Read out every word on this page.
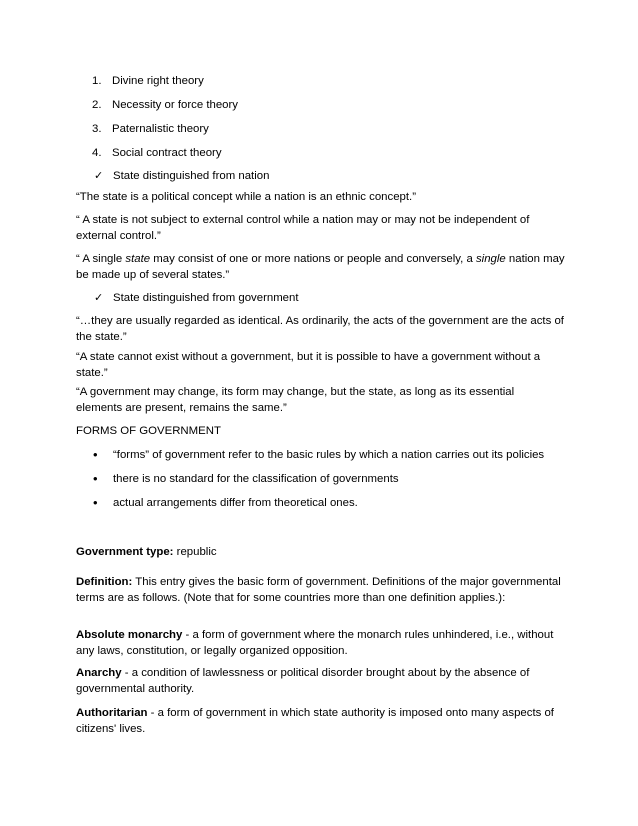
1. Divine right theory
2. Necessity or force theory
3. Paternalistic theory
4. Social contract theory
✓ State distinguished from nation

“The state is a political concept while a nation is an ethnic concept.”

“ A state is not subject to external control while a nation may or may not be independent of external control.”

“ A single state may consist of one or more nations or people and conversely, a single nation may be made up of several states.”

✓ State distinguished from government

“…they are usually regarded as identical. As ordinarily, the acts of the government are the acts of the state.”

“A state cannot exist without a government, but it is possible to have a government without a state.”

“A government may change, its form may change, but the state, as long as its essential elements are present, remains the same.”

FORMS OF GOVERNMENT

• “forms” of government refer to the basic rules by which a nation carries out its policies
• there is no standard for the classification of governments
• actual arrangements differ from theoretical ones.

Government type: republic

Definition: This entry gives the basic form of government. Definitions of the major governmental terms are as follows. (Note that for some countries more than one definition applies.):

Absolute monarchy - a form of government where the monarch rules unhindered, i.e., without any laws, constitution, or legally organized opposition.

Anarchy - a condition of lawlessness or political disorder brought about by the absence of governmental authority.

Authoritarian - a form of government in which state authority is imposed onto many aspects of citizens' lives.
